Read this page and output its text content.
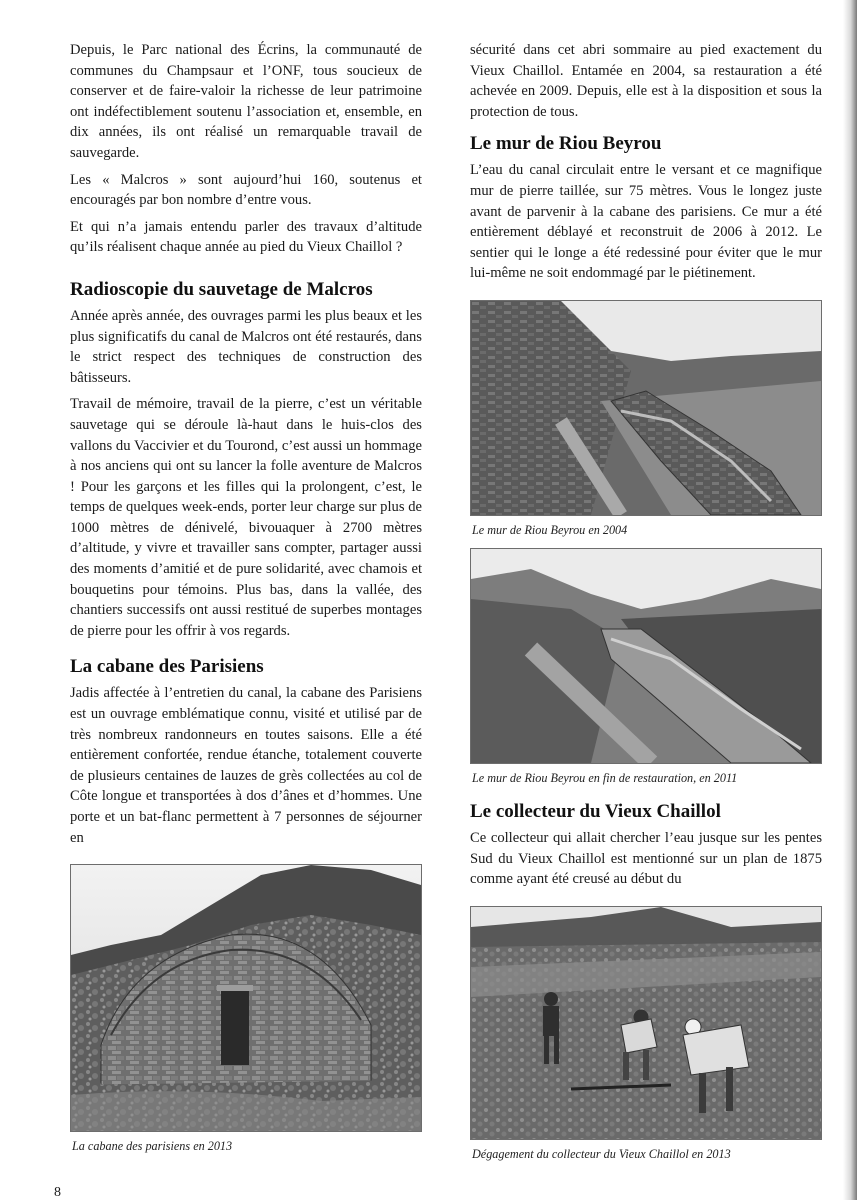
Depuis, le Parc national des Écrins, la communauté de communes du Champsaur et l’ONF, tous soucieux de conserver et de faire-valoir la richesse de leur patrimoine ont indéfectiblement soutenu l’association et, ensemble, en dix années, ils ont réalisé un remarquable travail de sauvegarde.

Les « Malcros » sont aujourd’hui 160, soutenus et encouragés par bon nombre d’entre vous.

Et qui n’a jamais entendu parler des travaux d’altitude qu’ils réalisent chaque année au pied du Vieux Chaillol ?

Radioscopie du sauvetage de Malcros

Année après année, des ouvrages parmi les plus beaux et les plus significatifs du canal de Malcros ont été restaurés, dans le strict respect des techniques de construction des bâtisseurs.

Travail de mémoire, travail de la pierre, c’est un véritable sauvetage qui se déroule là-haut dans le huis-clos des vallons du Vaccivier et du Tourond, c’est aussi un hommage à nos anciens qui ont su lancer la folle aventure de Malcros ! Pour les garçons et les filles qui la prolongent, c’est, le temps de quelques week-ends, porter leur charge sur plus de 1000 mètres de dénivelé, bivouaquer à 2700 mètres d’altitude, y vivre et travailler sans compter, partager aussi des moments d’amitié et de pure solidarité, avec chamois et bouquetins pour témoins. Plus bas, dans la vallée, des chantiers successifs ont aussi restitué de superbes montages de pierre pour les offrir à vos regards.

La cabane des Parisiens

Jadis affectée à l’entretien du canal, la cabane des Parisiens est un ouvrage emblématique connu, visité et utilisé par de très nombreux randonneurs en toutes saisons. Elle a été entièrement confortée, rendue étanche, totalement couverte de plusieurs centaines de lauzes de grès collectées au col de Côte longue et transportées à dos d’ânes et d’hommes. Une porte et un bat-flanc permettent à 7 personnes de séjourner en

La cabane des parisiens en 2013

sécurité dans cet abri sommaire au pied exactement du Vieux Chaillol. Entamée en 2004, sa restauration a été achevée en 2009. Depuis, elle est à la disposition et sous la protection de tous.

Le mur de Riou Beyrou

L’eau du canal circulait entre le versant et ce magnifique mur de pierre taillée, sur 75 mètres. Vous le longez juste avant de parvenir à la cabane des parisiens. Ce mur a été entièrement déblayé et reconstruit de 2006 à 2012. Le sentier qui le longe a été redessiné pour éviter que le mur lui-même ne soit endommagé par le piétinement.

Le mur de Riou Beyrou en 2004
Le mur de Riou Beyrou en fin de restauration, en 2011
Le collecteur du Vieux Chaillol

Ce collecteur qui allait chercher l’eau jusque sur les pentes Sud du Vieux Chaillol est mentionné sur un plan de 1875 comme ayant été creusé au début du

Dégagement du collecteur du Vieux Chaillol en 2013
8
